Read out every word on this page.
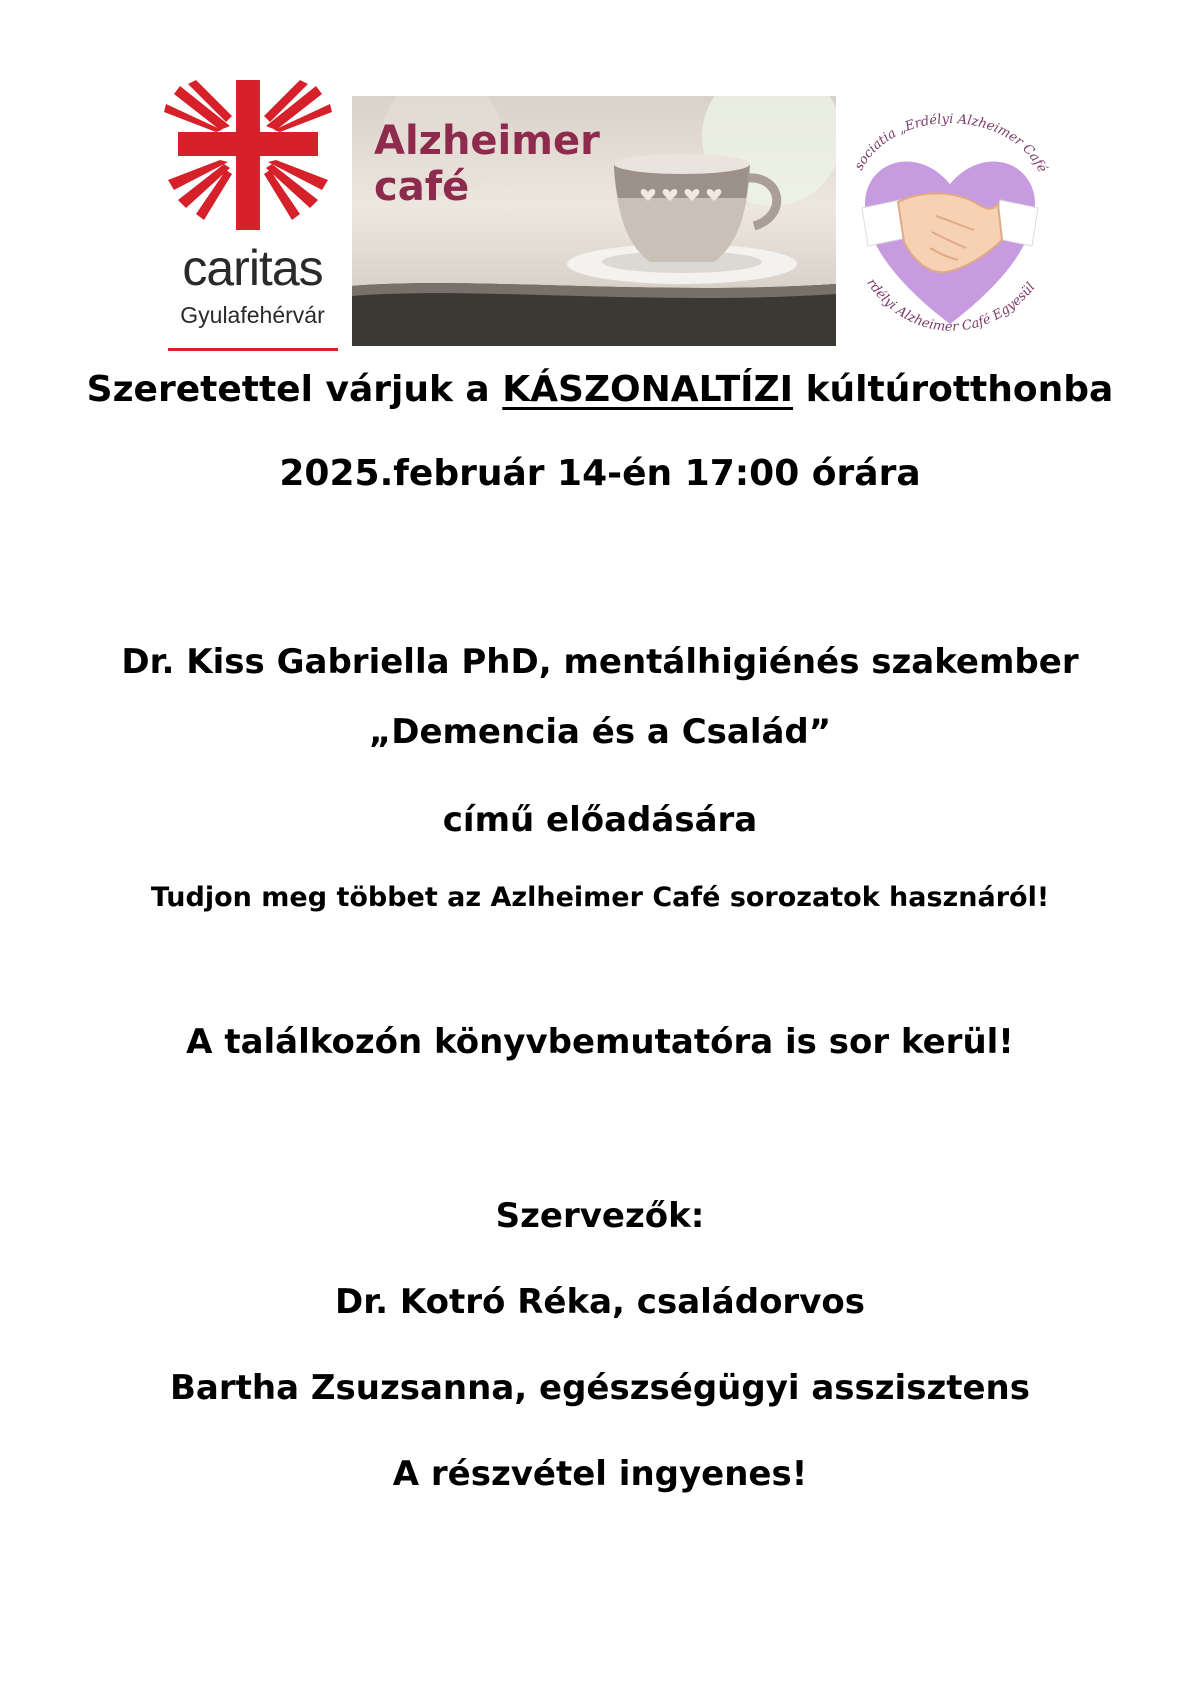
caritas
Gyulafehérvár
Alzheimer
café	sociatia „Erdélyi Alzheimer Café
rdélyi Alzheimer Café Egyesül
Szeretettel várjuk a KÁSZONALTÍZI kúltúrotthonba
2025.február 14-én 17:00 órára
Dr. Kiss Gabriella PhD, mentálhigiénés szakember
„Demencia és a Család”
című előadására
Tudjon meg többet az Azlheimer Café sorozatok hasznáról!
A találkozón könyvbemutatóra is sor kerül!
Szervezők:
Dr. Kotró Réka, családorvos
Bartha Zsuzsanna, egészségügyi asszisztens
A részvétel ingyenes!
